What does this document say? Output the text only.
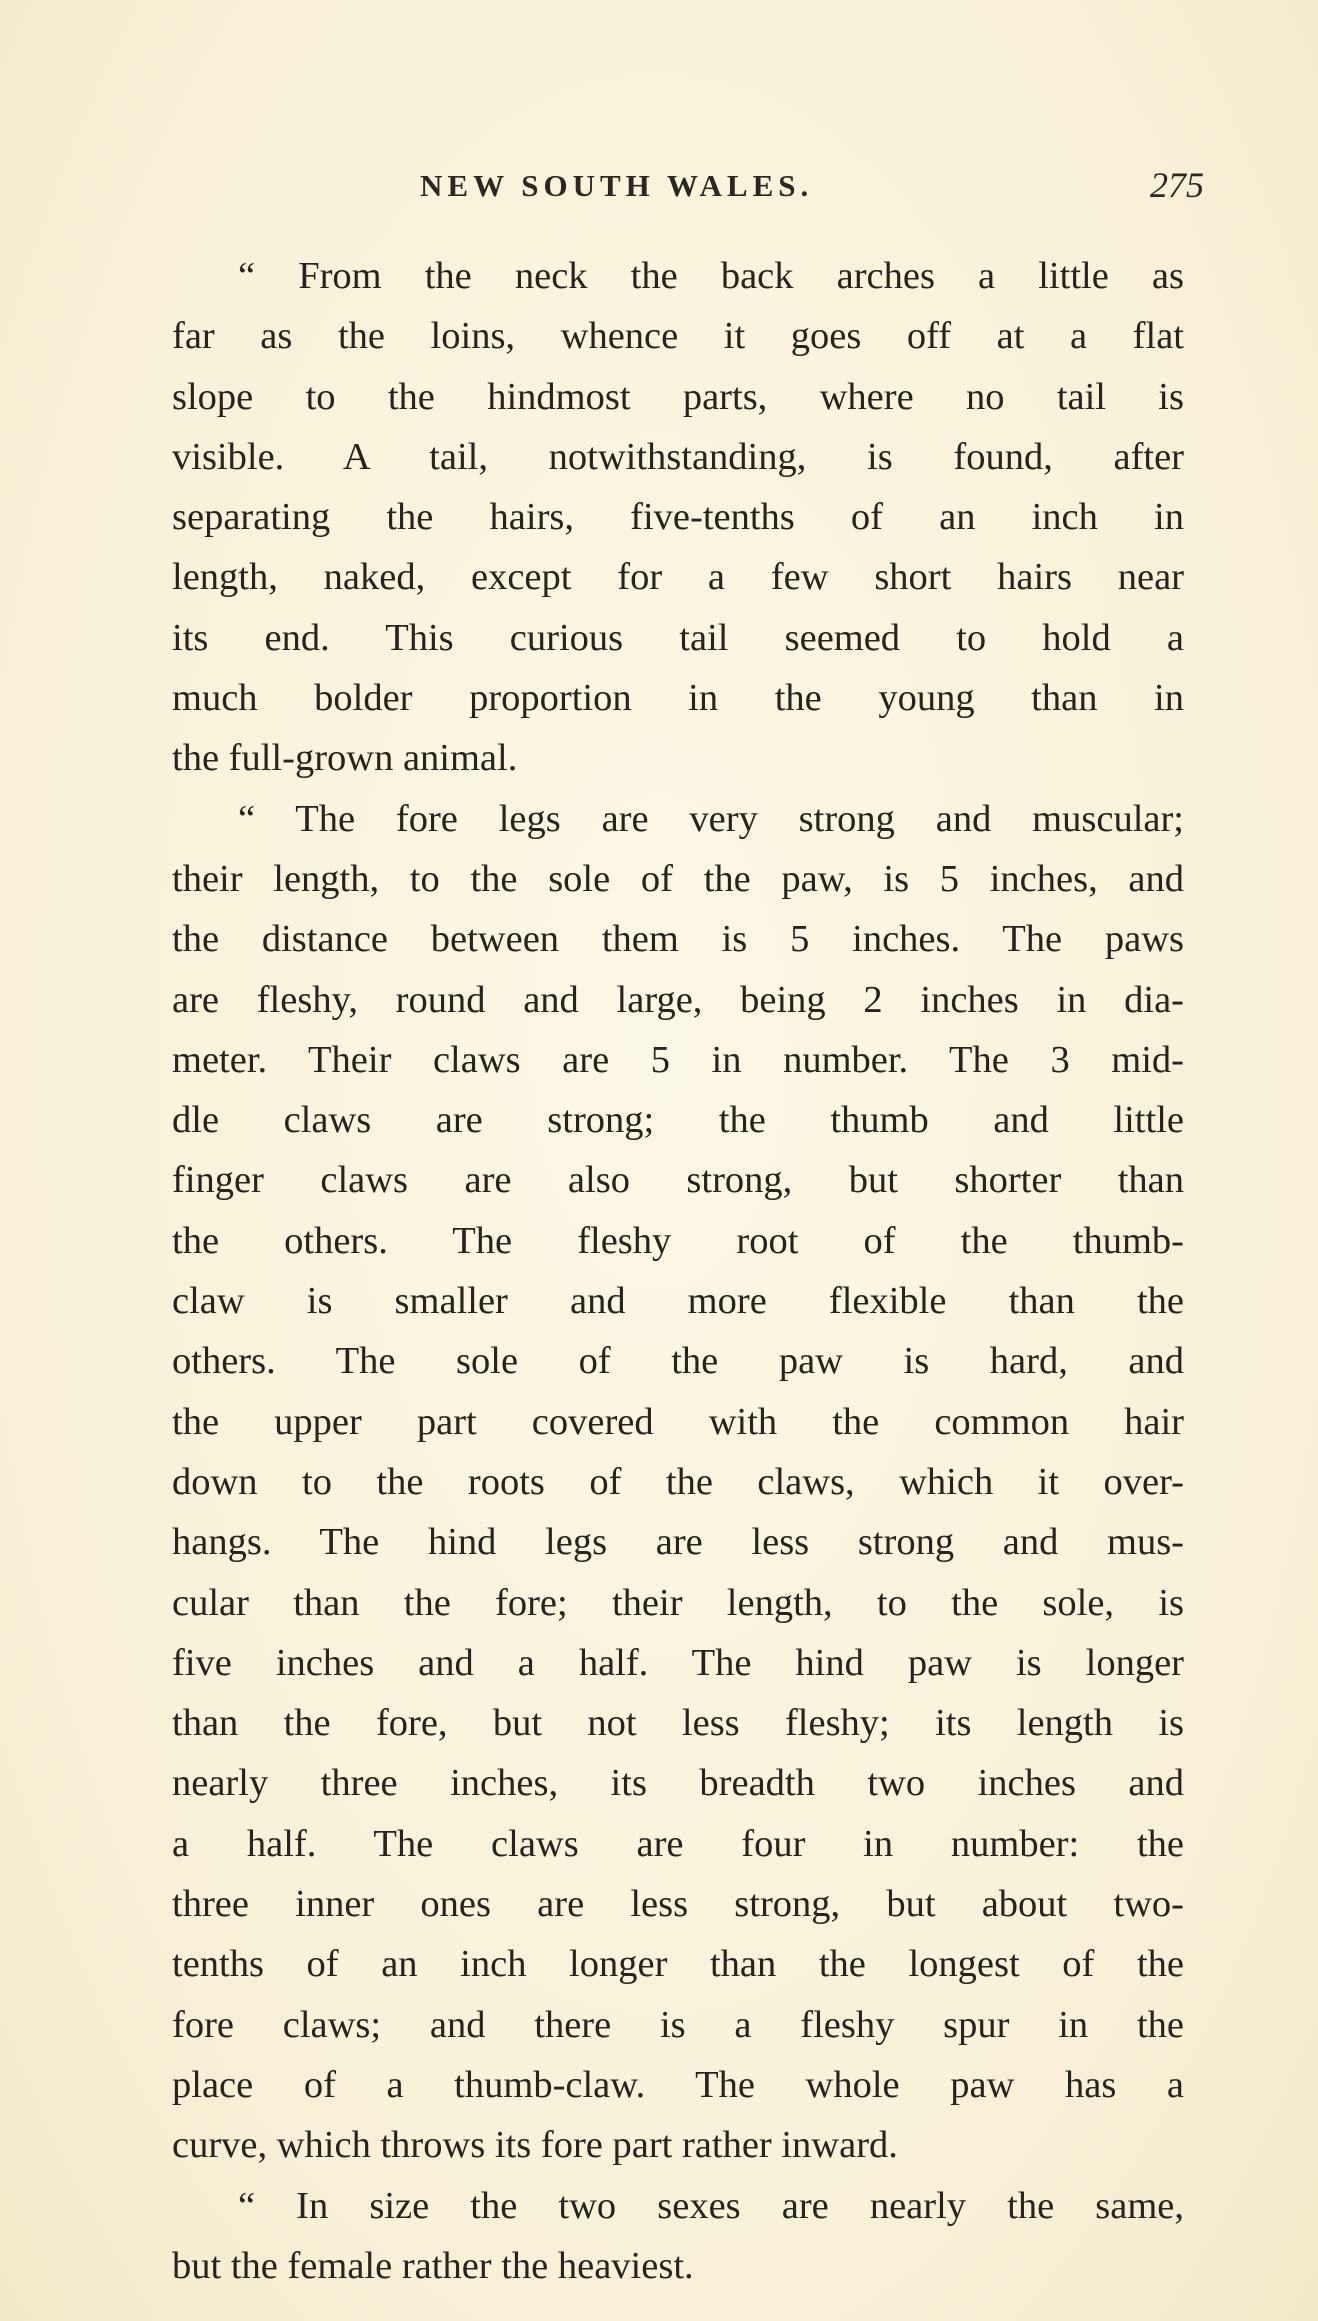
NEW SOUTH WALES.	275
“ From the neck the back arches a little as
far as the loins, whence it goes off at a flat
slope to the hindmost parts, where no tail is
visible. A tail, notwithstanding, is found, after
separating the hairs, five-tenths of an inch in
length, naked, except for a few short hairs near
its end. This curious tail seemed to hold a
much bolder proportion in the young than in
the full-grown animal.
“ The fore legs are very strong and muscular;
their length, to the sole of the paw, is 5 inches, and
the distance between them is 5 inches. The paws
are fleshy, round and large, being 2 inches in dia-
meter. Their claws are 5 in number. The 3 mid-
dle claws are strong; the thumb and little
finger claws are also strong, but shorter than
the others. The fleshy root of the thumb-
claw is smaller and more flexible than the
others. The sole of the paw is hard, and
the upper part covered with the common hair
down to the roots of the claws, which it over-
hangs. The hind legs are less strong and mus-
cular than the fore; their length, to the sole, is
five inches and a half. The hind paw is longer
than the fore, but not less fleshy; its length is
nearly three inches, its breadth two inches and
a half. The claws are four in number: the
three inner ones are less strong, but about two-
tenths of an inch longer than the longest of the
fore claws; and there is a fleshy spur in the
place of a thumb-claw. The whole paw has a
curve, which throws its fore part rather inward.
“ In size the two sexes are nearly the same,
but the female rather the heaviest.
